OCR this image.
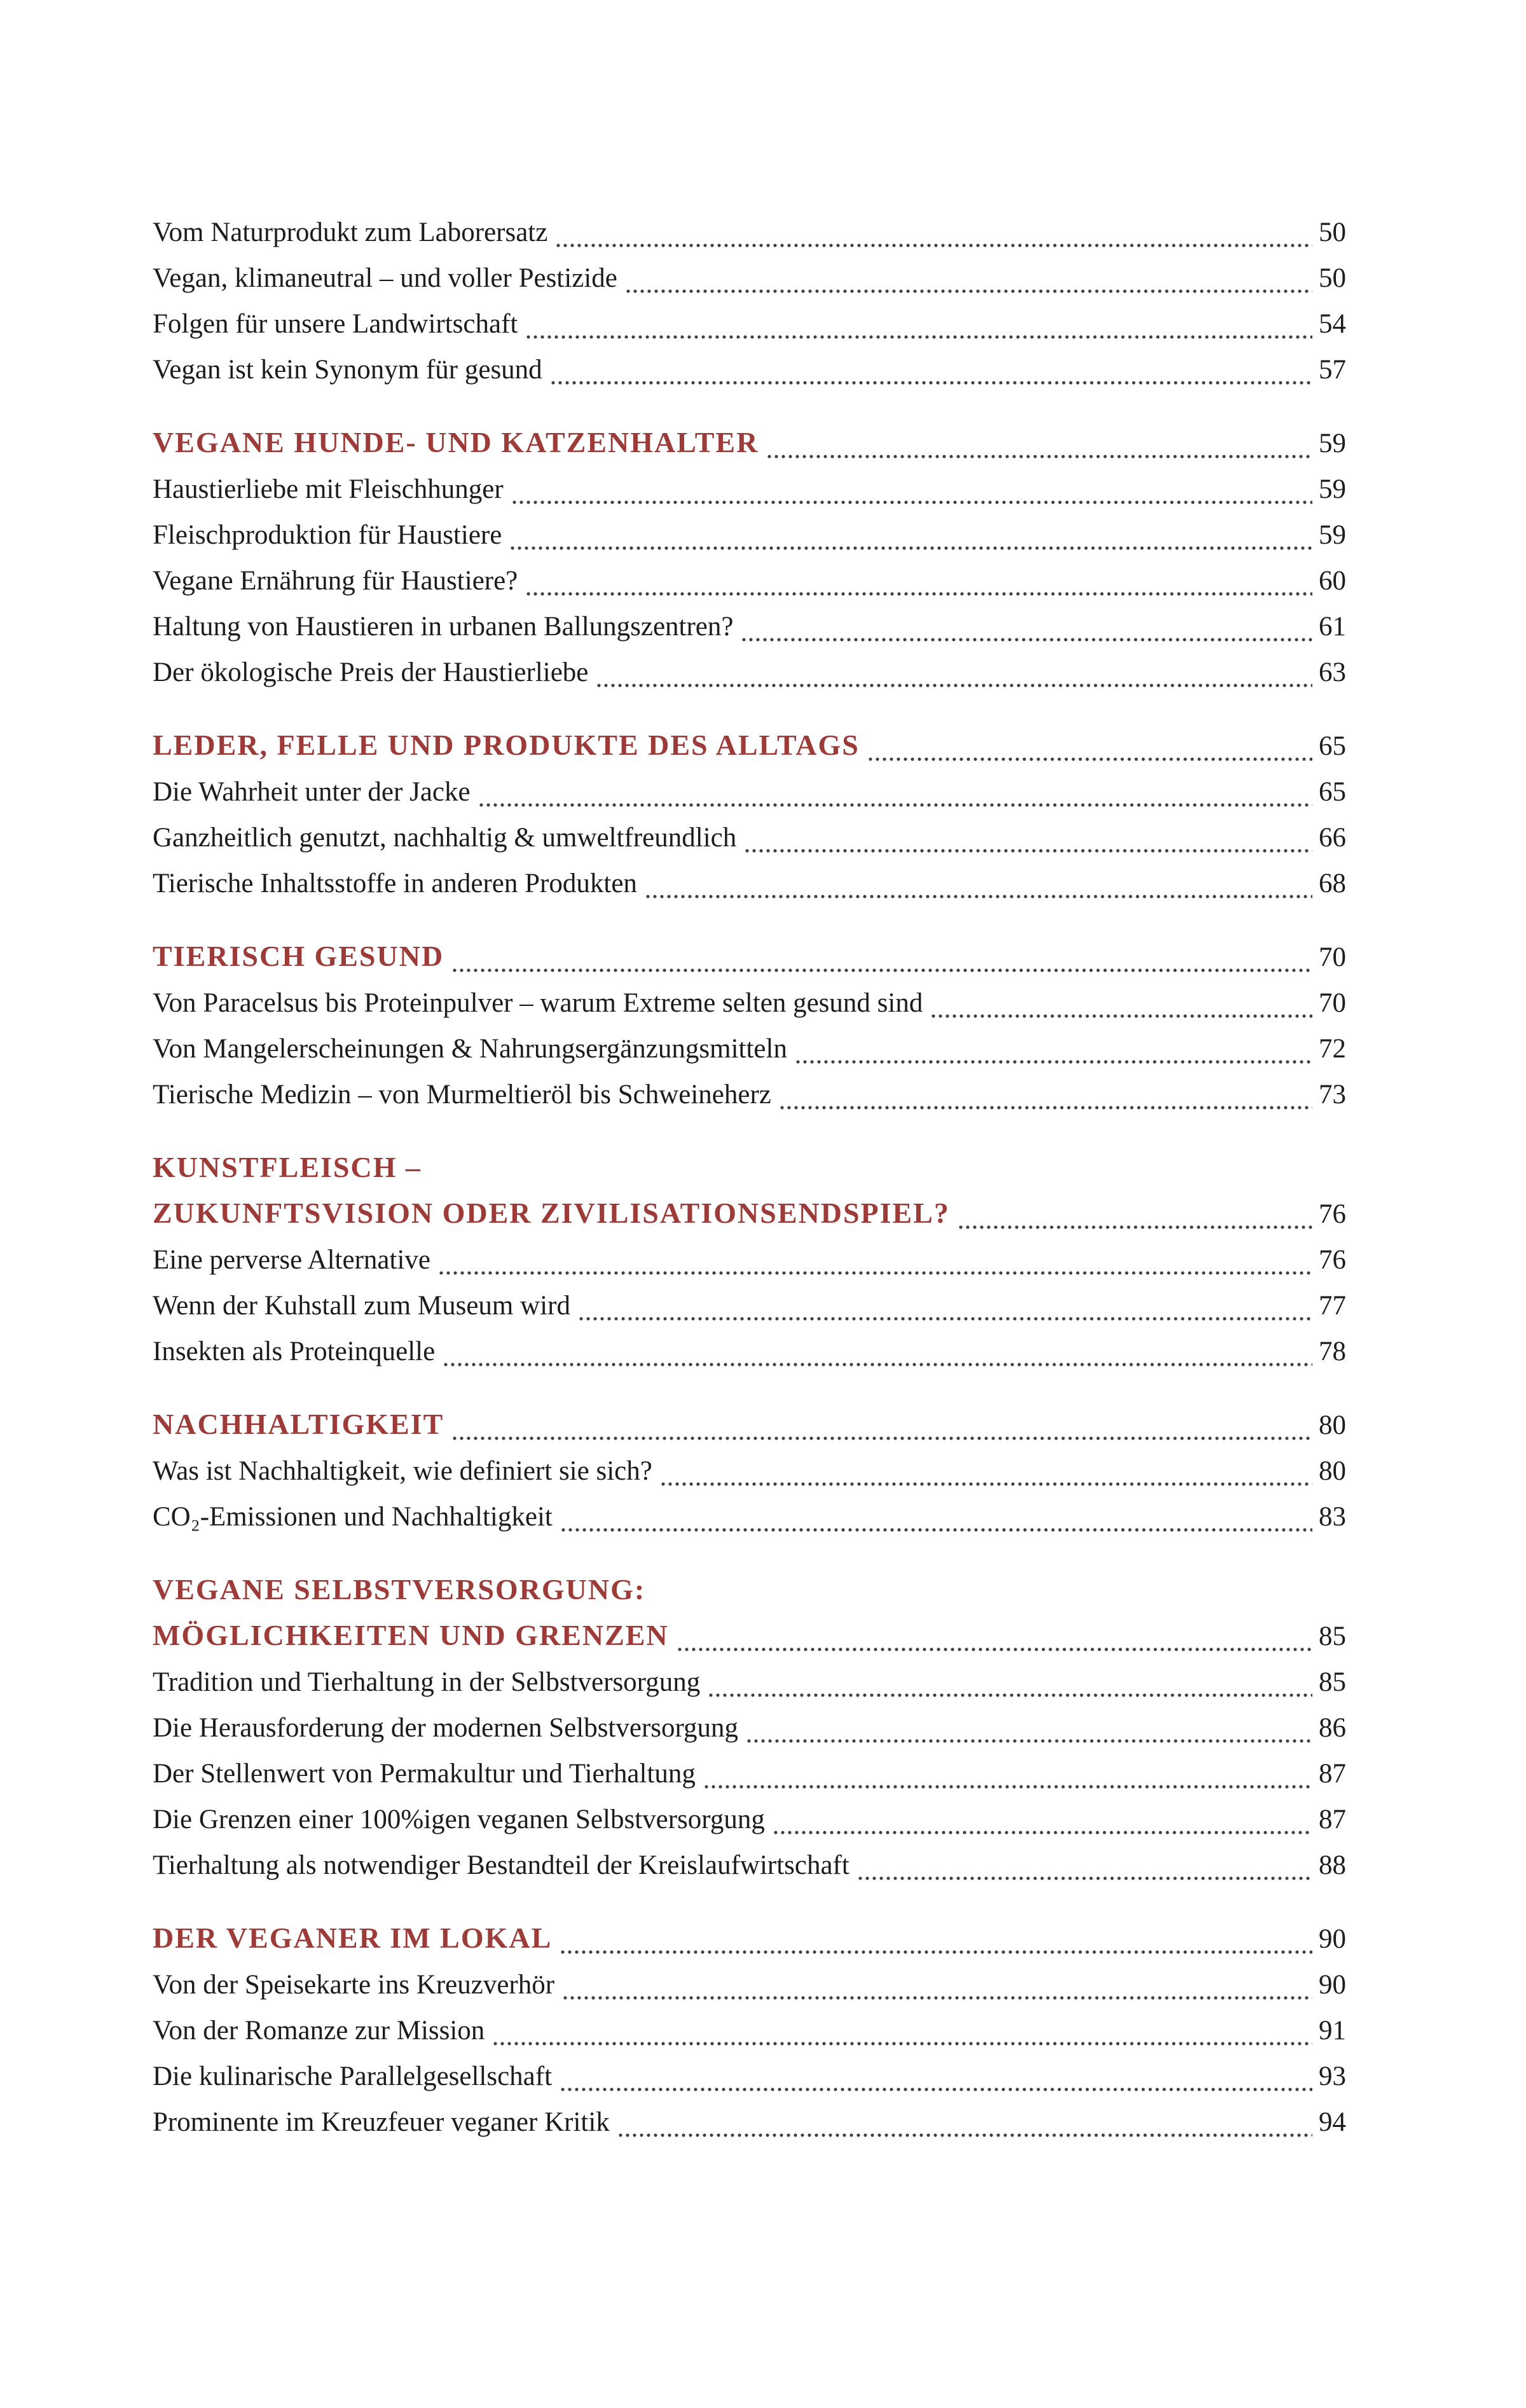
Vom Naturprodukt zum Laborersatz	50
Vegan, klimaneutral – und voller Pestizide	50
Folgen für unsere Landwirtschaft	54
Vegan ist kein Synonym für gesund	57
VEGANE HUNDE- UND KATZENHALTER	59
Haustierliebe mit Fleischhunger	59
Fleischproduktion für Haustiere	59
Vegane Ernährung für Haustiere?	60
Haltung von Haustieren in urbanen Ballungszentren?	61
Der ökologische Preis der Haustierliebe	63
LEDER, FELLE UND PRODUKTE DES ALLTAGS	65
Die Wahrheit unter der Jacke	65
Ganzheitlich genutzt, nachhaltig & umweltfreundlich	66
Tierische Inhaltsstoffe in anderen Produkten	68
TIERISCH GESUND	70
Von Paracelsus bis Proteinpulver – warum Extreme selten gesund sind	70
Von Mangelerscheinungen & Nahrungsergänzungsmitteln	72
Tierische Medizin – von Murmeltieröl bis Schweineherz	73
KUNSTFLEISCH –
ZUKUNFTSVISION ODER ZIVILISATIONSENDSPIEL?	76
Eine perverse Alternative	76
Wenn der Kuhstall zum Museum wird	77
Insekten als Proteinquelle	78
NACHHALTIGKEIT	80
Was ist Nachhaltigkeit, wie definiert sie sich?	80
CO₂-Emissionen und Nachhaltigkeit	83
VEGANE SELBSTVERSORGUNG:
MÖGLICHKEITEN UND GRENZEN	85
Tradition und Tierhaltung in der Selbstversorgung	85
Die Herausforderung der modernen Selbstversorgung	86
Der Stellenwert von Permakultur und Tierhaltung	87
Die Grenzen einer 100%igen veganen Selbstversorgung	87
Tierhaltung als notwendiger Bestandteil der Kreislaufwirtschaft	88
DER VEGANER IM LOKAL	90
Von der Speisekarte ins Kreuzverhör	90
Von der Romanze zur Mission	91
Die kulinarische Parallelgesellschaft	93
Prominente im Kreuzfeuer veganer Kritik	94
